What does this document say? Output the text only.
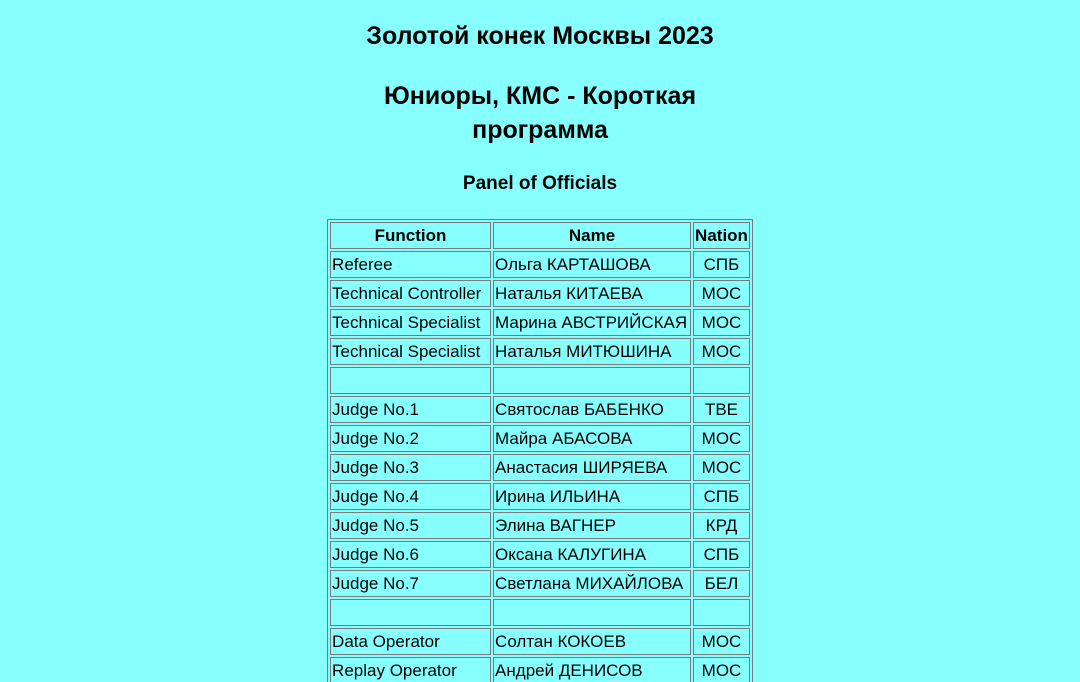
Золотой конек Москвы 2023
Юниоры, КМС - Короткая программа
Panel of Officials
Function	Name	Nation
Referee	Ольга КАРТАШОВА	СПБ
Technical Controller	Наталья КИТАЕВА	МОС
Technical Specialist	Марина АВСТРИЙСКАЯ	МОС
Technical Specialist	Наталья МИТЮШИНА	МОС

Judge No.1	Святослав БАБЕНКО	ТВЕ
Judge No.2	Майра АБАСОВА	МОС
Judge No.3	Анастасия ШИРЯЕВА	МОС
Judge No.4	Ирина ИЛЬИНА	СПБ
Judge No.5	Элина ВАГНЕР	КРД
Judge No.6	Оксана КАЛУГИНА	СПБ
Judge No.7	Светлана МИХАЙЛОВА	БЕЛ

Data Operator	Солтан КОКОЕВ	МОС
Replay Operator	Андрей ДЕНИСОВ	МОС
